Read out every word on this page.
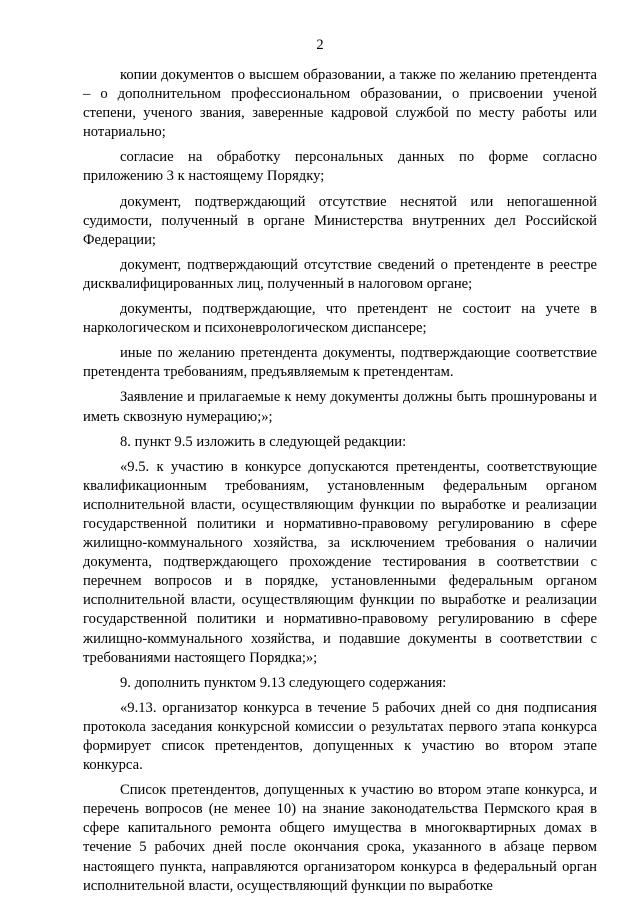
2

копии документов о высшем образовании, а также по желанию претендента – о дополнительном профессиональном образовании, о присвоении ученой степени, ученого звания, заверенные кадровой службой по месту работы или нотариально;

согласие на обработку персональных данных по форме согласно приложению 3 к настоящему Порядку;

документ, подтверждающий отсутствие неснятой или непогашенной судимости, полученный в органе Министерства внутренних дел Российской Федерации;

документ, подтверждающий отсутствие сведений о претенденте в реестре дисквалифицированных лиц, полученный в налоговом органе;

документы, подтверждающие, что претендент не состоит на учете в наркологическом и психоневрологическом диспансере;

иные по желанию претендента документы, подтверждающие соответствие претендента требованиям, предъявляемым к претендентам.

Заявление и прилагаемые к нему документы должны быть прошнурованы и иметь сквозную нумерацию;»;

8. пункт 9.5 изложить в следующей редакции:

«9.5. к участию в конкурсе допускаются претенденты, соответствующие квалификационным требованиям, установленным федеральным органом исполнительной власти, осуществляющим функции по выработке и реализации государственной политики и нормативно-правовому регулированию в сфере жилищно-коммунального хозяйства, за исключением требования о наличии документа, подтверждающего прохождение тестирования в соответствии с перечнем вопросов и в порядке, установленными федеральным органом исполнительной власти, осуществляющим функции по выработке и реализации государственной политики и нормативно-правовому регулированию в сфере жилищно-коммунального хозяйства, и подавшие документы в соответствии с требованиями настоящего Порядка;»;

9. дополнить пунктом 9.13 следующего содержания:

«9.13. организатор конкурса в течение 5 рабочих дней со дня подписания протокола заседания конкурсной комиссии о результатах первого этапа конкурса формирует список претендентов, допущенных к участию во втором этапе конкурса.

Список претендентов, допущенных к участию во втором этапе конкурса, и перечень вопросов (не менее 10) на знание законодательства Пермского края в сфере капитального ремонта общего имущества в многоквартирных домах в течение 5 рабочих дней после окончания срока, указанного в абзаце первом настоящего пункта, направляются организатором конкурса в федеральный орган исполнительной власти, осуществляющий функции по выработке
